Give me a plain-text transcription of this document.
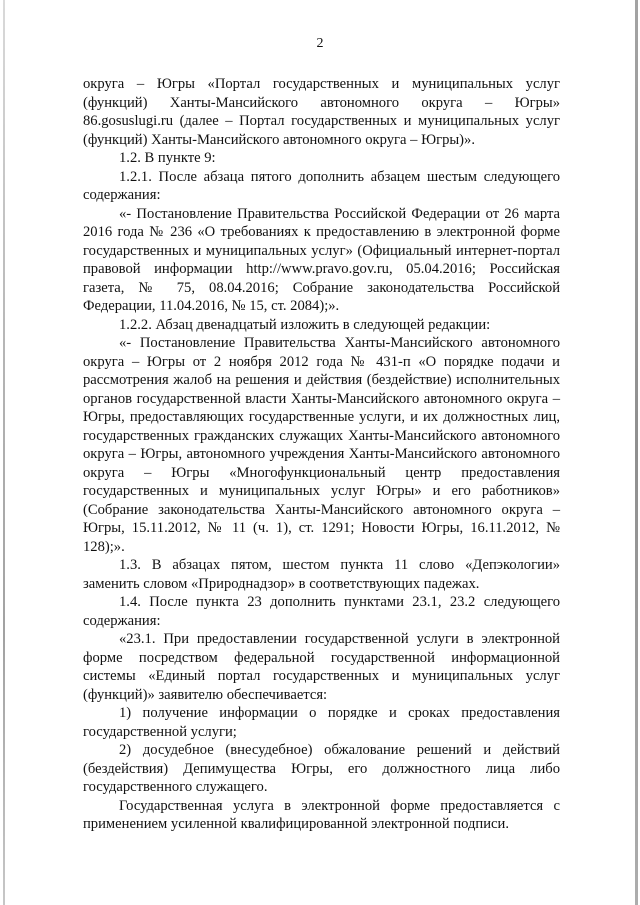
2

округа – Югры «Портал государственных и муниципальных услуг (функций) Ханты-Мансийского автономного округа – Югры» 86.gosuslugi.ru (далее – Портал государственных и муниципальных услуг (функций) Ханты-Мансийского автономного округа – Югры)».

1.2. В пункте 9:

1.2.1. После абзаца пятого дополнить абзацем шестым следующего содержания:

«- Постановление Правительства Российской Федерации от 26 марта 2016 года № 236 «О требованиях к предоставлению в электронной форме государственных и муниципальных услуг» (Официальный интернет-портал правовой информации http://www.pravo.gov.ru, 05.04.2016; Российская газета, № 75, 08.04.2016; Собрание законодательства Российской Федерации, 11.04.2016, № 15, ст. 2084);».

1.2.2. Абзац двенадцатый изложить в следующей редакции:

«- Постановление Правительства Ханты-Мансийского автономного округа – Югры от 2 ноября 2012 года № 431-п «О порядке подачи и рассмотрения жалоб на решения и действия (бездействие) исполнительных органов государственной власти Ханты-Мансийского автономного округа – Югры, предоставляющих государственные услуги, и их должностных лиц, государственных гражданских служащих Ханты-Мансийского автономного округа – Югры, автономного учреждения Ханты-Мансийского автономного округа – Югры «Многофункциональный центр предоставления государственных и муниципальных услуг Югры» и его работников» (Собрание законодательства Ханты-Мансийского автономного округа – Югры, 15.11.2012, № 11 (ч. 1), ст. 1291; Новости Югры, 16.11.2012, № 128);».

1.3. В абзацах пятом, шестом пункта 11 слово «Депэкологии» заменить словом «Природнадзор» в соответствующих падежах.

1.4. После пункта 23 дополнить пунктами 23.1, 23.2 следующего содержания:

«23.1. При предоставлении государственной услуги в электронной форме посредством федеральной государственной информационной системы «Единый портал государственных и муниципальных услуг (функций)» заявителю обеспечивается:

1) получение информации о порядке и сроках предоставления государственной услуги;

2) досудебное (внесудебное) обжалование решений и действий (бездействия) Депимущества Югры, его должностного лица либо государственного служащего.

Государственная услуга в электронной форме предоставляется с применением усиленной квалифицированной электронной подписи.
